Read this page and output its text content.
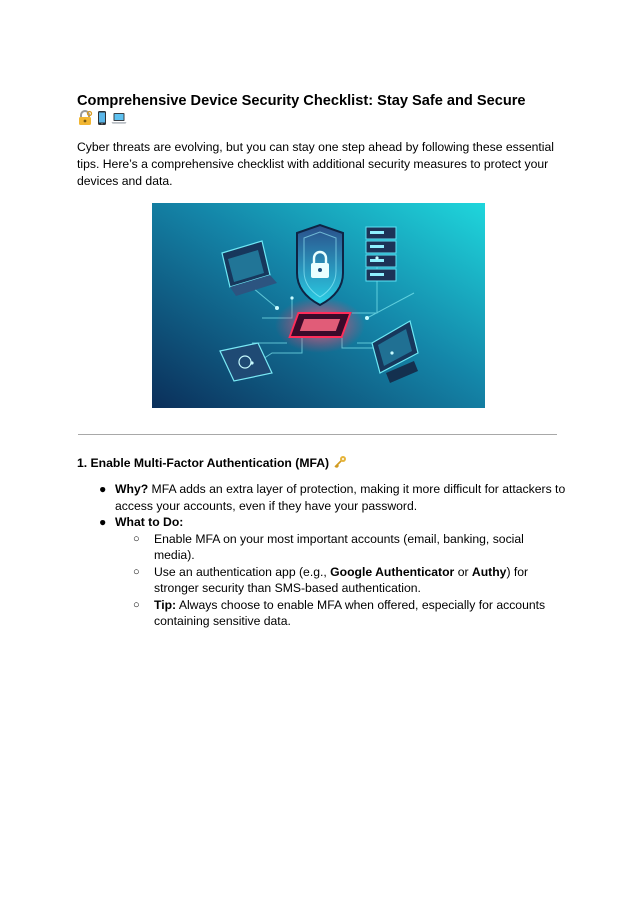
Comprehensive Device Security Checklist: Stay Safe and Secure

Cyber threats are evolving, but you can stay one step ahead by following these essential tips. Here’s a comprehensive checklist with additional security measures to protect your devices and data.

1. Enable Multi-Factor Authentication (MFA)
● Why? MFA adds an extra layer of protection, making it more difficult for attackers to access your accounts, even if they have your password.
● What to Do:
○ Enable MFA on your most important accounts (email, banking, social media).
○ Use an authentication app (e.g., Google Authenticator or Authy) for stronger security than SMS-based authentication.
○ Tip: Always choose to enable MFA when offered, especially for accounts containing sensitive data.
